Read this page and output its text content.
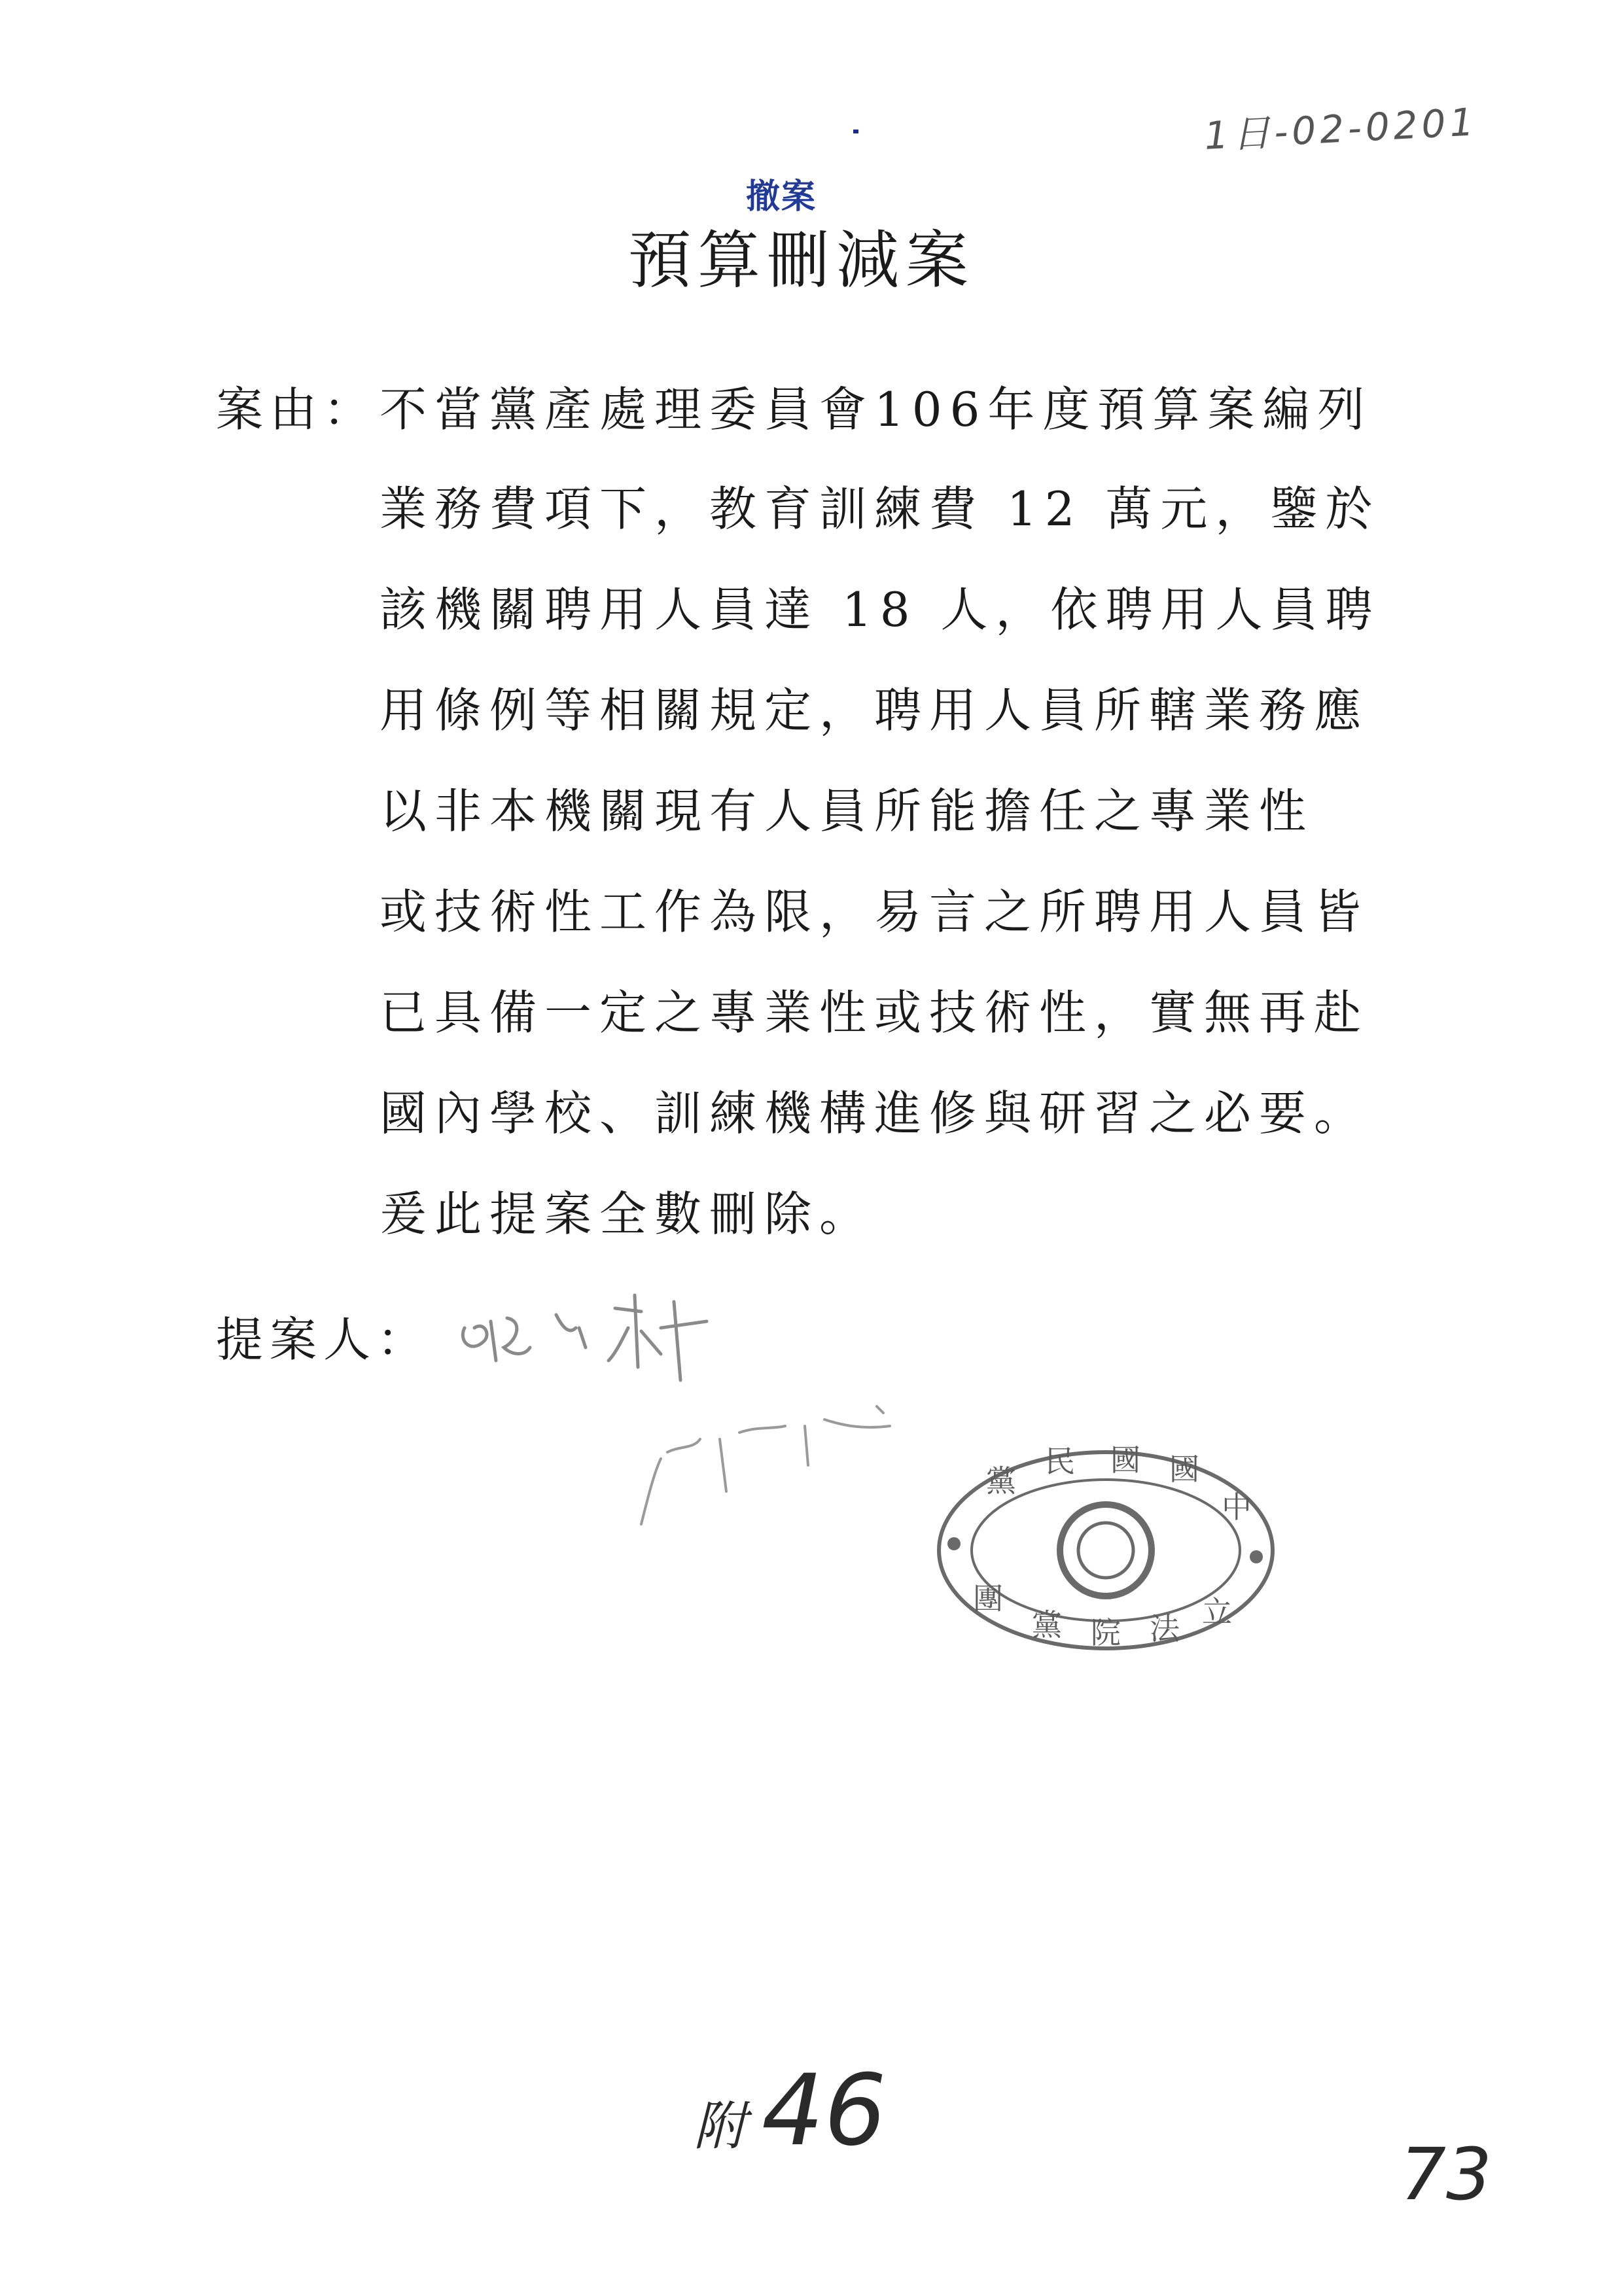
1日-02-0201
撤案
預算刪減案
案由： 不當黨產處理委員會106年度預算案編列
業務費項下，教育訓練費 12 萬元，鑒於
該機關聘用人員達 18 人，依聘用人員聘
用條例等相關規定，聘用人員所轄業務應
以非本機關現有人員所能擔任之專業性
或技術性工作為限，易言之所聘用人員皆
已具備一定之專業性或技術性，實無再赴
國內學校、訓練機構進修與研習之必要。
爰此提案全數刪除。
提案人：
黨
民 國 國
中
團
黨 院 法 立
附 46
73
